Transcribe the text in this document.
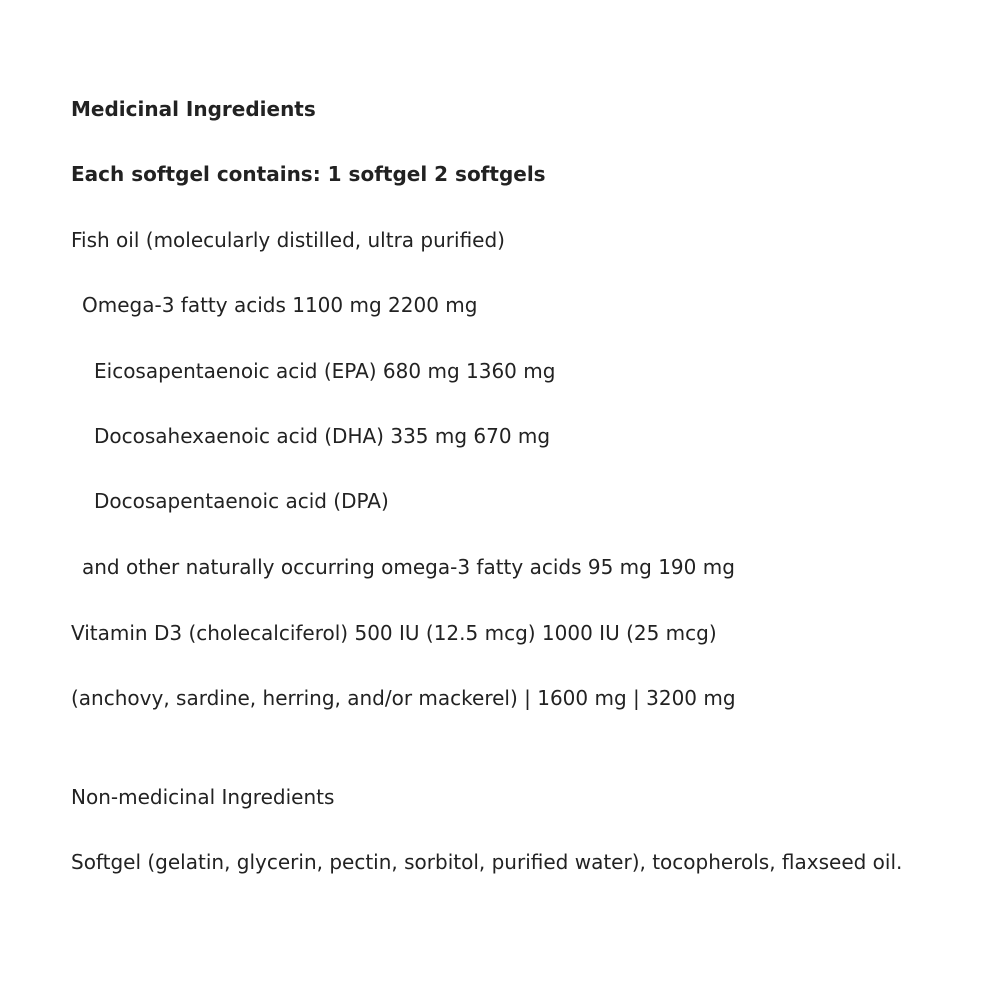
Medicinal Ingredients
Each softgel contains: 1 softgel 2 softgels
Fish oil (molecularly distilled, ultra purified)
Omega-3 fatty acids 1100 mg 2200 mg
Eicosapentaenoic acid (EPA) 680 mg 1360 mg
Docosahexaenoic acid (DHA) 335 mg 670 mg
Docosapentaenoic acid (DPA)
and other naturally occurring omega-3 fatty acids 95 mg 190 mg
Vitamin D3 (cholecalciferol) 500 IU (12.5 mcg) 1000 IU (25 mcg)
(anchovy, sardine, herring, and/or mackerel) | 1600 mg | 3200 mg
Non-medicinal Ingredients
Softgel (gelatin, glycerin, pectin, sorbitol, purified water), tocopherols, flaxseed oil.
